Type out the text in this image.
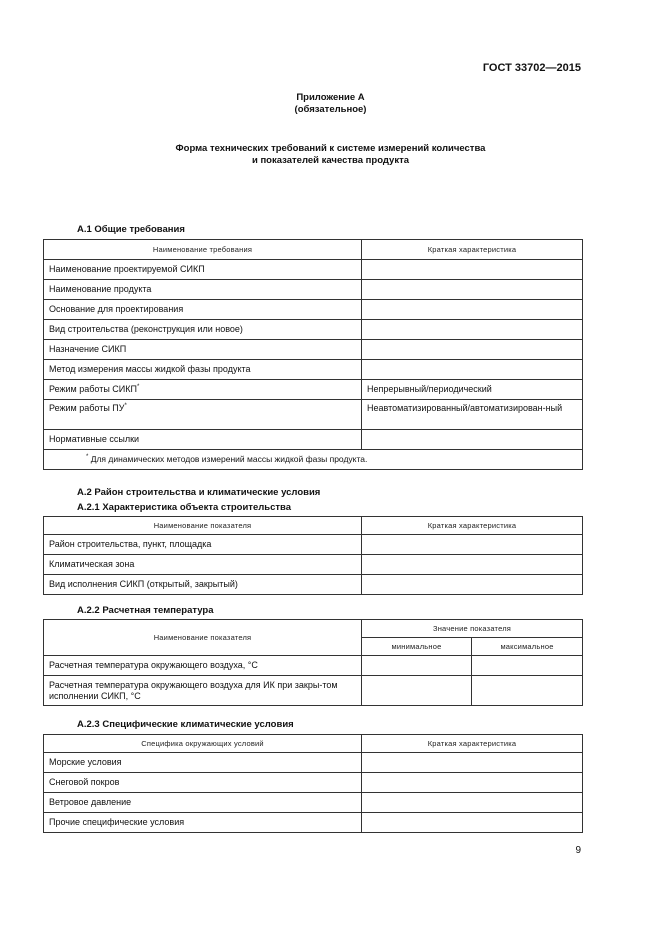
ГОСТ 33702—2015
Приложение А
(обязательное)
Форма технических требований к системе измерений количества
и показателей качества продукта
А.1 Общие требования
Наименование требования	Краткая характеристика
Наименование проектируемой СИКП	
Наименование продукта	
Основание для проектирования	
Вид строительства (реконструкция или новое)	
Назначение СИКП	
Метод измерения массы жидкой фазы продукта	
Режим работы СИКП*	Непрерывный/периодический
Режим работы ПУ*	Неавтоматизированный/автоматизирован-ный
Нормативные ссылки	
* Для динамических методов измерений массы жидкой фазы продукта.	
А.2 Район строительства и климатические условия
А.2.1 Характеристика объекта строительства
Наименование показателя	Краткая характеристика
Район строительства, пункт, площадка	
Климатическая зона	
Вид исполнения СИКП (открытый, закрытый)	
А.2.2 Расчетная температура
Наименование показателя	Значение показателя	
	минимальное	максимальное
Расчетная температура окружающего воздуха, °С		
Расчетная температура окружающего воздуха для ИК при закры-том исполнении СИКП, °С		
А.2.3 Специфические климатические условия
Специфика окружающих условий	Краткая характеристика
Морские условия	
Снеговой покров	
Ветровое давление	
Прочие специфические условия	
9
